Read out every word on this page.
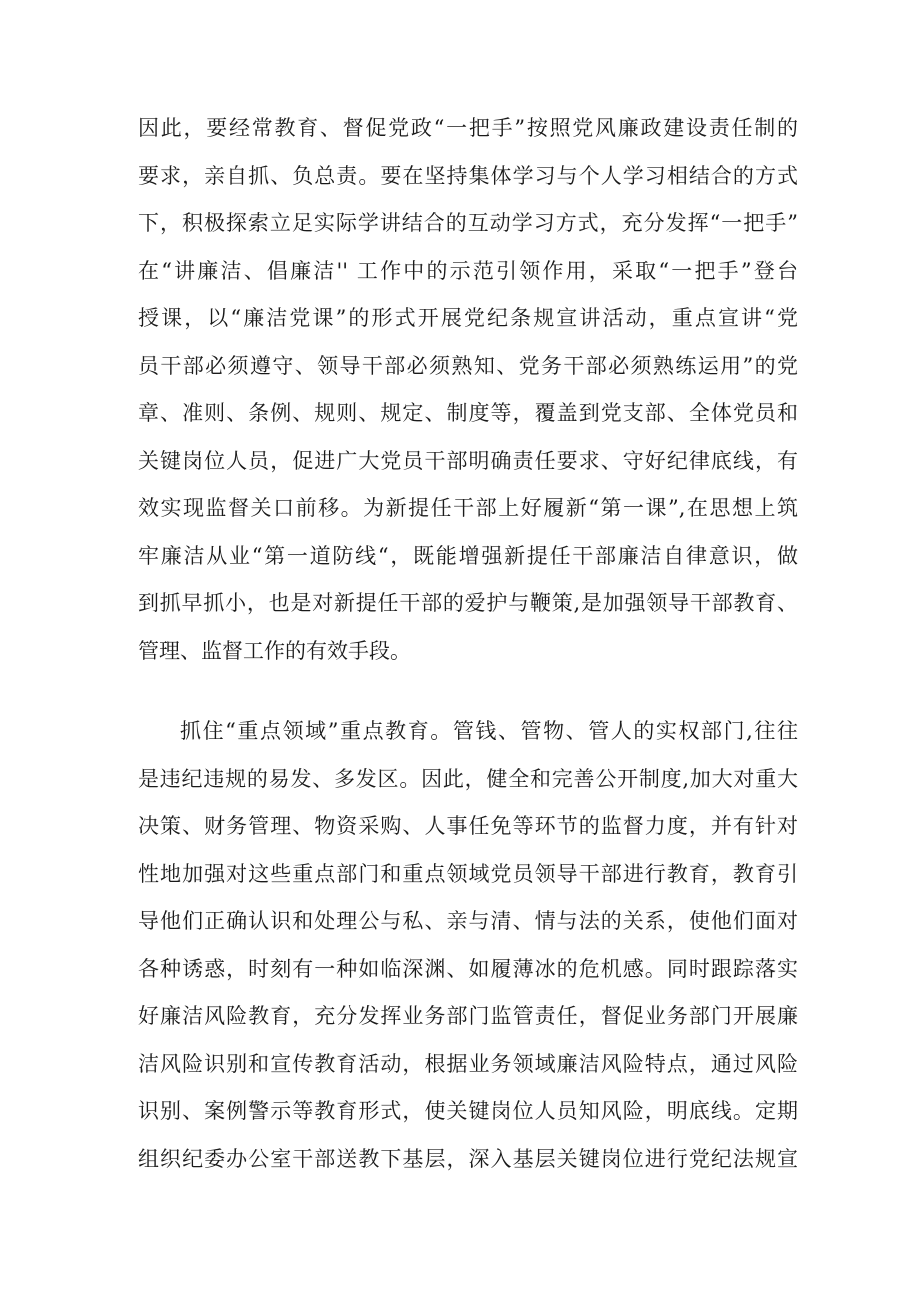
因此，要经常教育、督促党政“一把手”按照党风廉政建设责任制的
要求，亲自抓、负总责。要在坚持集体学习与个人学习相结合的方式
下，积极探索立足实际学讲结合的互动学习方式，充分发挥“一把手”
在“讲廉洁、倡廉洁'' 工作中的示范引领作用，采取“一把手”登台
授课，以“廉洁党课”的形式开展党纪条规宣讲活动，重点宣讲“党
员干部必须遵守、领导干部必须熟知、党务干部必须熟练运用”的党
章、准则、条例、规则、规定、制度等，覆盖到党支部、全体党员和
关键岗位人员，促进广大党员干部明确责任要求、守好纪律底线，有
效实现监督关口前移。为新提任干部上好履新“第一课”,在思想上筑
牢廉洁从业“第一道防线“，既能增强新提任干部廉洁自律意识，做
到抓早抓小，也是对新提任干部的爱护与鞭策,是加强领导干部教育、
管理、监督工作的有效手段。
抓住“重点领域”重点教育。管钱、管物、管人的实权部门,往往
是违纪违规的易发、多发区。因此，健全和完善公开制度,加大对重大
决策、财务管理、物资采购、人事任免等环节的监督力度，并有针对
性地加强对这些重点部门和重点领域党员领导干部进行教育，教育引
导他们正确认识和处理公与私、亲与清、情与法的关系，使他们面对
各种诱惑，时刻有一种如临深渊、如履薄冰的危机感。同时跟踪落实
好廉洁风险教育，充分发挥业务部门监管责任，督促业务部门开展廉
洁风险识别和宣传教育活动，根据业务领域廉洁风险特点，通过风险
识别、案例警示等教育形式，使关键岗位人员知风险，明底线。定期
组织纪委办公室干部送教下基层，深入基层关键岗位进行党纪法规宣
